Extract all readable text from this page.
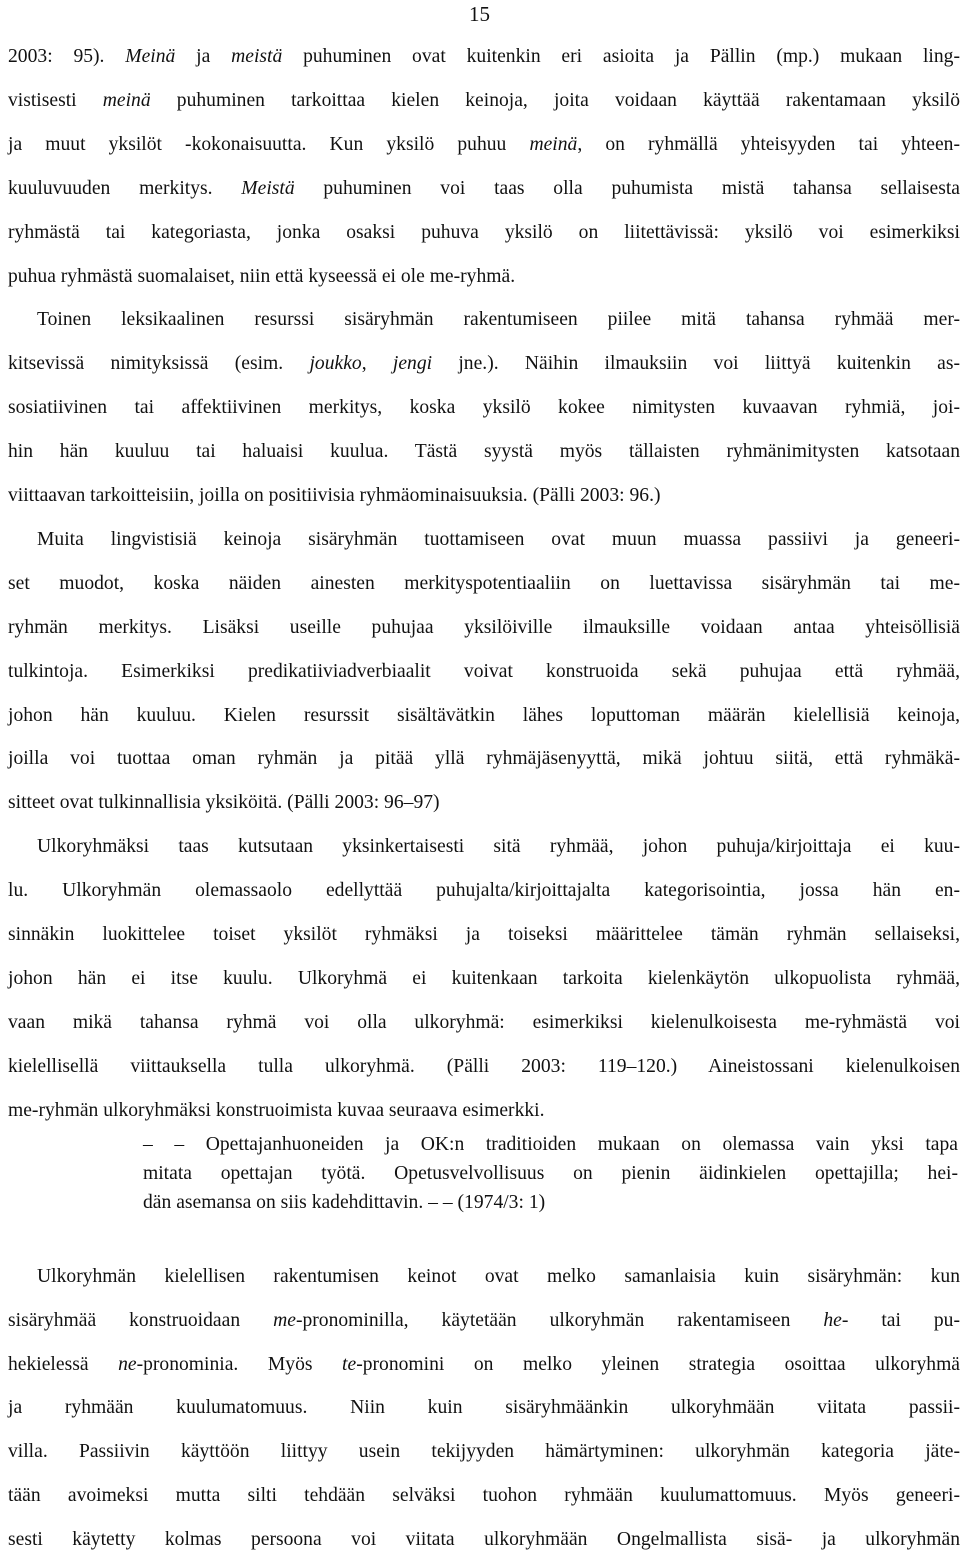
15
2003: 95). Meinä ja meistä puhuminen ovat kuitenkin eri asioita ja Pällin (mp.) mukaan ling-
vistisesti meinä puhuminen tarkoittaa kielen keinoja, joita voidaan käyttää rakentamaan yksilö
ja muut yksilöt -kokonaisuutta. Kun yksilö puhuu meinä, on ryhmällä yhteisyyden tai yhteen-
kuuluvuuden merkitys. Meistä puhuminen voi taas olla puhumista mistä tahansa sellaisesta
ryhmästä tai kategoriasta, jonka osaksi puhuva yksilö on liitettävissä: yksilö voi esimerkiksi
puhua ryhmästä suomalaiset, niin että kyseessä ei ole me-ryhmä.
Toinen leksikaalinen resurssi sisäryhmän rakentumiseen piilee mitä tahansa ryhmää mer-
kitsevissä nimityksissä (esim. joukko, jengi jne.). Näihin ilmauksiin voi liittyä kuitenkin as-
sosiatiivinen tai affektiivinen merkitys, koska yksilö kokee nimitysten kuvaavan ryhmiä, joi-
hin hän kuuluu tai haluaisi kuulua. Tästä syystä myös tällaisten ryhmänimitysten katsotaan
viittaavan tarkoitteisiin, joilla on positiivisia ryhmäominaisuuksia. (Pälli 2003: 96.)
Muita lingvistisiä keinoja sisäryhmän tuottamiseen ovat muun muassa passiivi ja geneeri-
set muodot, koska näiden ainesten merkityspotentiaaliin on luettavissa sisäryhmän tai me-
ryhmän merkitys. Lisäksi useille puhujaa yksilöiville ilmauksille voidaan antaa yhteisöllisiä
tulkintoja. Esimerkiksi predikatiiviadverbiaalit voivat konstruoida sekä puhujaa että ryhmää,
johon hän kuuluu. Kielen resurssit sisältävätkin lähes loputtoman määrän kielellisiä keinoja,
joilla voi tuottaa oman ryhmän ja pitää yllä ryhmäjäsenyyttä, mikä johtuu siitä, että ryhmäkä-
sitteet ovat tulkinnallisia yksiköitä. (Pälli 2003: 96–97)
Ulkoryhmäksi taas kutsutaan yksinkertaisesti sitä ryhmää, johon puhuja/kirjoittaja ei kuu-
lu. Ulkoryhmän olemassaolo edellyttää puhujalta/kirjoittajalta kategorisointia, jossa hän en-
sinnäkin luokittelee toiset yksilöt ryhmäksi ja toiseksi määrittelee tämän ryhmän sellaiseksi,
johon hän ei itse kuulu. Ulkoryhmä ei kuitenkaan tarkoita kielenkäytön ulkopuolista ryhmää,
vaan mikä tahansa ryhmä voi olla ulkoryhmä: esimerkiksi kielenulkoisesta me-ryhmästä voi
kielellisellä viittauksella tulla ulkoryhmä. (Pälli 2003: 119–120.) Aineistossani kielenulkoisen
me-ryhmän ulkoryhmäksi konstruoimista kuvaa seuraava esimerkki.
– – Opettajanhuoneiden ja OK:n traditioiden mukaan on olemassa vain yksi tapa
mitata opettajan työtä. Opetusvelvollisuus on pienin äidinkielen opettajilla; hei-
dän asemansa on siis kadehdittavin. – – (1974/3: 1)
Ulkoryhmän kielellisen rakentumisen keinot ovat melko samanlaisia kuin sisäryhmän: kun
sisäryhmää konstruoidaan me-pronominilla, käytetään ulkoryhmän rakentamiseen he- tai pu-
hekielessä ne-pronominia. Myös te-pronomini on melko yleinen strategia osoittaa ulkoryhmä
ja ryhmään kuulumatomuus. Niin kuin sisäryhmäänkin ulkoryhmään viitata passii-
villa. Passiivin käyttöön liittyy usein tekijyyden hämärtyminen: ulkoryhmän kategoria jäte-
tään avoimeksi mutta silti tehdään selväksi tuohon ryhmään kuulumattomuus. Myös geneeri-
sesti käytetty kolmas persoona voi viitata ulkoryhmään Ongelmallista sisä- ja ulkoryhmän
